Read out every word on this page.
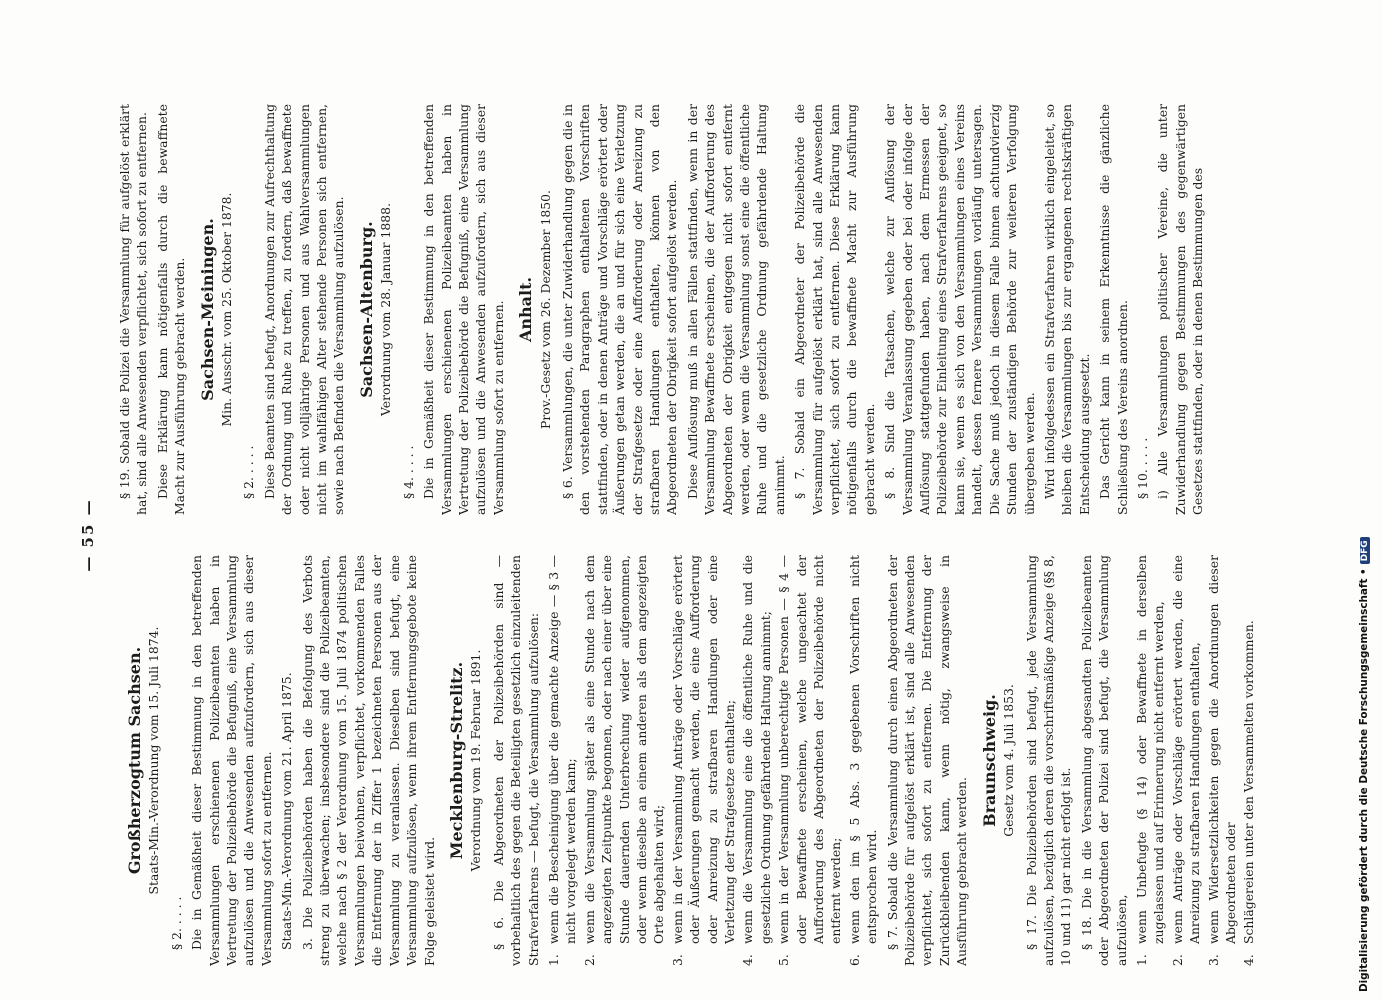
— 55 —
Großherzogtum Sachsen. Staats-Min.-Verordnung vom 15. Juli 1874.

§ 2. . . . . Die in Gemäßheit dieser Bestimmung in den betreffenden Versammlungen erschienenen Polizeibeamten haben in Vertretung der Polizeibehörde die Befugniß, eine Versammlung aufzulösen und die Anwesenden aufzufordern, sich aus dieser Versammlung sofort zu entfernen. Staats-Min.-Verordnung vom 21. April 1875. 3. Die Polizeibehörden haben die Befolgung des Verbots streng zu überwachen; insbesondere sind die Polizeibeamten, welche nach § 2 der Verordnung vom 15. Juli 1874 politischen Versammlungen beiwohnen, verpflichtet, vorkommenden Falles die Entfernung der in Ziffer 1 bezeichneten Personen aus der Versammlung zu veranlassen. Dieselben sind befugt, eine Versammlung aufzulösen, wenn ihrem Entfernungsgebote keine Folge geleistet wird.

Mecklenburg-Strelitz. Verordnung vom 19. Februar 1891. § 6. Die Abgeordneten der Polizeibehörden sind — vorbehaltlich des gegen die Beteiligten gesetzlich einzuleitenden Strafverfahrens — befugt, die Versammlung aufzulösen: 1.
wenn die Bescheinigung über die gemachte Anzeige — § 3 — nicht vorgelegt werden kann;
2.
wenn die Versammlung später als eine Stunde nach dem angezeigten Zeitpunkte begonnen, oder nach einer über eine Stunde dauernden Unterbrechung wieder aufgenommen, oder wenn dieselbe an einem anderen als dem angezeigten Orte abgehalten wird;
3.
wenn in der Versammlung Anträge oder Vorschläge erörtert oder Äußerungen gemacht werden, die eine Aufforderung oder Anreizung zu strafbaren Handlungen oder eine Verletzung der Strafgesetze enthalten;
4.
wenn die Versammlung eine die öffentliche Ruhe und die gesetzliche Ordnung gefährdende Haltung annimmt;
5.
wenn in der Versammlung unberechtigte Personen — § 4 — oder Bewaffnete erscheinen, welche ungeachtet der Aufforderung des Abgeordneten der Polizeibehörde nicht entfernt werden;
6.
wenn den im § 5 Abs. 3 gegebenen Vorschriften nicht entsprochen wird. § 7. Sobald die Versammlung durch einen Abgeordneten der Polizeibehörde für aufgelöst erklärt ist, sind alle Anwesenden verpflichtet, sich sofort zu entfernen. Die Entfernung der Zurückbleibenden kann, wenn nötig, zwangsweise in Ausführung gebracht werden.

Braunschweig. Gesetz vom 4. Juli 1853. § 17. Die Polizeibehörden sind befugt, jede Versammlung aufzulösen, bezüglich deren die vorschriftsmäßige Anzeige (§§ 8, 10 und 11) gar nicht erfolgt ist. § 18. Die in die Versammlung abgesandten Polizeibeamten oder Abgeordneten der Polizei sind befugt, die Versammlung aufzulösen, 1.
wenn Unbefugte (§ 14) oder Bewaffnete in derselben zugelassen und auf Erinnerung nicht entfernt werden,
2.
wenn Anträge oder Vorschläge erörtert werden, die eine Anreizung zu strafbaren Handlungen enthalten,
3.
wenn Widersetzlichkeiten gegen die Anordnungen dieser Abgeordneten oder
4.
Schlägereien unter den Versammelten vorkommen.

§ 19. Sobald die Polizei die Versammlung für aufgelöst erklärt hat, sind alle Anwesenden verpflichtet, sich sofort zu entfernen. Diese Erklärung kann nötigenfalls durch die bewaffnete Macht zur Ausführung gebracht werden. Sachsen-Meiningen. Min. Ausschr. vom 25. Oktober 1878.

§ 2. . . . . Diese Beamten sind befugt, Anordnungen zur Aufrechthaltung der Ordnung und Ruhe zu treffen, zu fordern, daß bewaffnete oder nicht volljährige Personen und aus Wahlversammlungen nicht im wahlfähigen Alter stehende Personen sich entfernen, sowie nach Befinden die Versammlung aufzulösen. Sachsen-Altenburg. Verordnung vom 28. Januar 1888.

§ 4. . . . . Die in Gemäßheit dieser Bestimmung in den betreffenden Versammlungen erschienenen Polizeibeamten haben in Vertretung der Polizeibehörde die Befugniß, eine Versammlung aufzulösen und die Anwesenden aufzufordern, sich aus dieser Versammlung sofort zu entfernen. Anhalt. Prov.-Gesetz vom 26. Dezember 1850. § 6. Versammlungen, die unter Zuwiderhandlung gegen die in den vorstehenden Paragraphen enthaltenen Vorschriften stattfinden, oder in denen Anträge und Vorschläge erörtert oder Äußerungen getan werden, die an und für sich eine Verletzung der Strafgesetze oder eine Aufforderung oder Anreizung zu strafbaren Handlungen enthalten, können von den Abgeordneten der Obrigkeit sofort aufgelöst werden. Diese Auflösung muß in allen Fällen stattfinden, wenn in der Versammlung Bewaffnete erscheinen, die der Aufforderung des Abgeordneten der Obrigkeit entgegen nicht sofort entfernt werden, oder wenn die Versammlung sonst eine die öffentliche Ruhe und die gesetzliche Ordnung gefährdende Haltung annimmt. § 7. Sobald ein Abgeordneter der Polizeibehörde die Versammlung für aufgelöst erklärt hat, sind alle Anwesenden verpflichtet, sich sofort zu entfernen. Diese Erklärung kann nötigenfalls durch die bewaffnete Macht zur Ausführung gebracht werden. § 8. Sind die Tatsachen, welche zur Auflösung der Versammlung Veranlassung gegeben oder bei oder infolge der Auflösung stattgefunden haben, nach dem Ermessen der Polizeibehörde zur Einleitung eines Strafverfahrens geeignet, so kann sie, wenn es sich von den Versammlungen eines Vereins handelt, dessen fernere Versammlungen vorläufig untersagen. Die Sache muß jedoch in diesem Falle binnen achtundvierzig Stunden der zuständigen Behörde zur weiteren Verfolgung übergeben werden. Wird infolgedessen ein Strafverfahren wirklich eingeleitet, so bleiben die Versammlungen bis zur ergangenen rechtskräftigen Entscheidung ausgesetzt. Das Gericht kann in seinem Erkenntnisse die gänzliche Schließung des Vereins anordnen. § 10. . . . . i) Alle Versammlungen politischer Vereine, die unter Zuwiderhandlung gegen Bestimmungen des gegenwärtigen Gesetzes stattfinden, oder in denen Bestimmungen des

Digitalisierung gefördert durch die Deutsche Forschungsgemeinschaft •DFG
